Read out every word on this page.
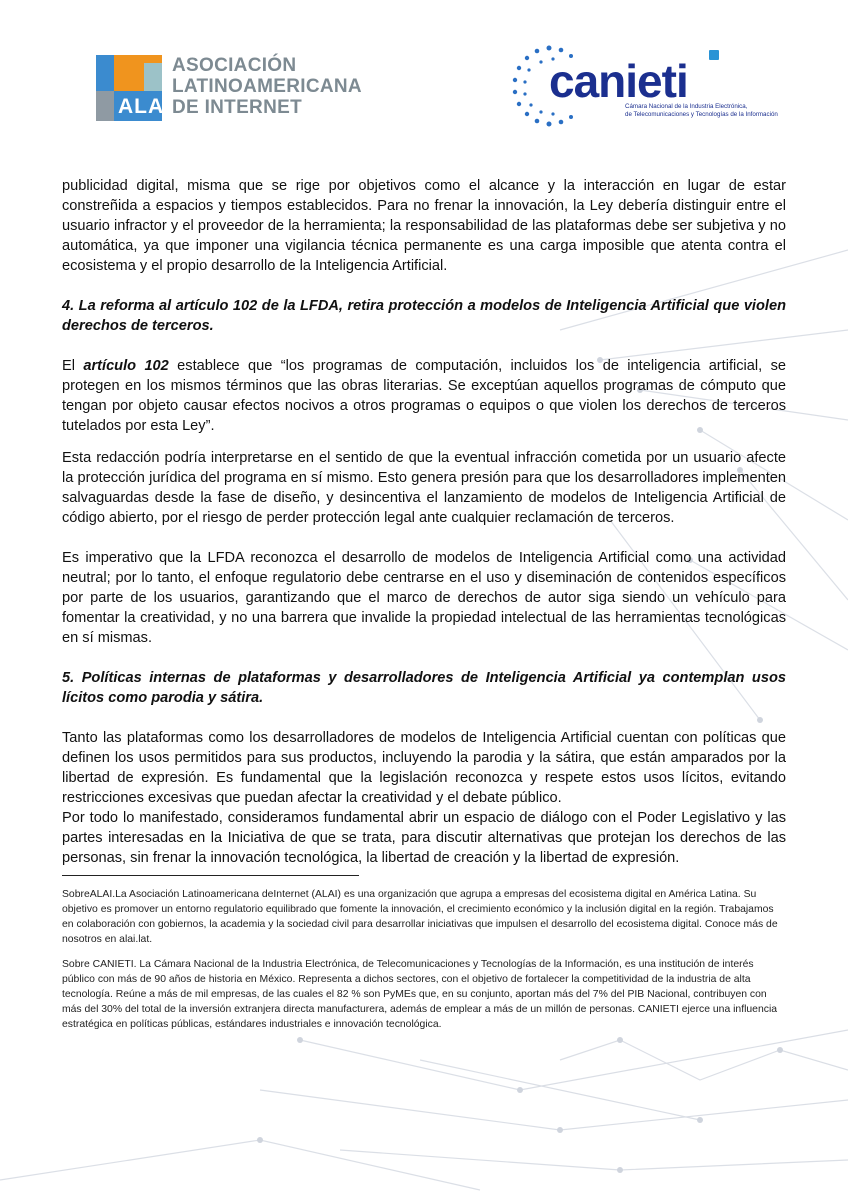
ALAI
ASOCIACIÓN
LATINOAMERICANA
DE INTERNET
canieti
Cámara Nacional de la Industria Electrónica,
de Telecomunicaciones y Tecnologías de la Información

publicidad digital, misma que se rige por objetivos como el alcance y la interacción en lugar de estar constreñida a espacios y tiempos establecidos. Para no frenar la innovación, la Ley debería distinguir entre el usuario infractor y el proveedor de la herramienta; la responsabilidad de las plataformas debe ser subjetiva y no automática, ya que imponer una vigilancia técnica permanente es una carga imposible que atenta contra el ecosistema y el propio desarrollo de la Inteligencia Artificial.

4. La reforma al artículo 102 de la LFDA, retira protección a modelos de Inteligencia Artificial que violen derechos de terceros.

El artículo 102 establece que “los programas de computación, incluidos los de inteligencia artificial, se protegen en los mismos términos que las obras literarias. Se exceptúan aquellos programas de cómputo que tengan por objeto causar efectos nocivos a otros programas o equipos o que violen los derechos de terceros tutelados por esta Ley”.

Esta redacción podría interpretarse en el sentido de que la eventual infracción cometida por un usuario afecte la protección jurídica del programa en sí mismo. Esto genera presión para que los desarrolladores implementen salvaguardas desde la fase de diseño, y desincentiva el lanzamiento de modelos de Inteligencia Artificial de código abierto, por el riesgo de perder protección legal ante cualquier reclamación de terceros.

Es imperativo que la LFDA reconozca el desarrollo de modelos de Inteligencia Artificial como una actividad neutral; por lo tanto, el enfoque regulatorio debe centrarse en el uso y diseminación de contenidos específicos por parte de los usuarios, garantizando que el marco de derechos de autor siga siendo un vehículo para fomentar la creatividad, y no una barrera que invalide la propiedad intelectual de las herramientas tecnológicas en sí mismas.

5. Políticas internas de plataformas y desarrolladores de Inteligencia Artificial ya contemplan usos lícitos como parodia y sátira.

Tanto las plataformas como los desarrolladores de modelos de Inteligencia Artificial cuentan con políticas que definen los usos permitidos para sus productos, incluyendo la parodia y la sátira, que están amparados por la libertad de expresión. Es fundamental que la legislación reconozca y respete estos usos lícitos, evitando restricciones excesivas que puedan afectar la creatividad y el debate público.

Por todo lo manifestado, consideramos fundamental abrir un espacio de diálogo con el Poder Legislativo y las partes interesadas en la Iniciativa de que se trata, para discutir alternativas que protejan los derechos de las personas, sin frenar la innovación tecnológica, la libertad de creación y la libertad de expresión.

SobreALAI.La Asociación Latinoamericana deInternet (ALAI) es una organización que agrupa a empresas del ecosistema digital en América Latina. Su objetivo es promover un entorno regulatorio equilibrado que fomente la innovación, el crecimiento económico y la inclusión digital en la región. Trabajamos en colaboración con gobiernos, la academia y la sociedad civil para desarrollar iniciativas que impulsen el desarrollo del ecosistema digital. Conoce más de nosotros en alai.lat.

Sobre CANIETI. La Cámara Nacional de la Industria Electrónica, de Telecomunicaciones y Tecnologías de la Información, es una institución de interés público con más de 90 años de historia en México. Representa a dichos sectores, con el objetivo de fortalecer la competitividad de la industria de alta tecnología. Reúne a más de mil empresas, de las cuales el 82 % son PyMEs que, en su conjunto, aportan más del 7% del PIB Nacional, contribuyen con más del 30% del total de la inversión extranjera directa manufacturera, además de emplear a más de un millón de personas. CANIETI ejerce una influencia estratégica en políticas públicas, estándares industriales e innovación tecnológica.
